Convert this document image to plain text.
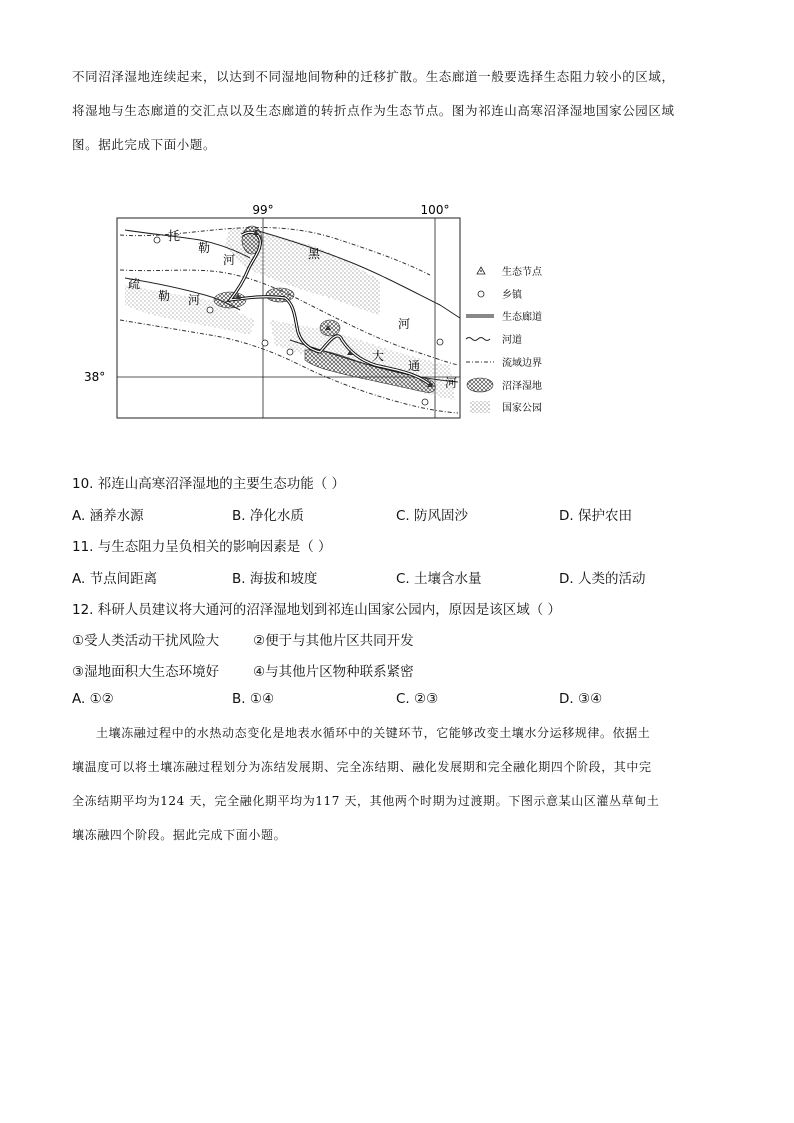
不同沼泽湿地连续起来，以达到不同湿地间物种的迁移扩散。生态廊道一般要选择生态阻力较小的区域，
将湿地与生态廊道的交汇点以及生态廊道的转折点作为生态节点。图为祁连山高寒沼泽湿地国家公园区域
图。据此完成下面小题。
99°	100°
38°
托
勒
河
疏
勒 河
黑
河
大
通
河
生态节点
乡镇
生态廊道
河道
流域边界
沼泽湿地
国家公园
10. 祁连山高寒沼泽湿地的主要生态功能（ ）
A. 涵养水源	B. 净化水质	C. 防风固沙	D. 保护农田
11. 与生态阻力呈负相关的影响因素是（ ）
A. 节点间距离	B. 海拔和坡度	C. 土壤含水量	D. 人类的活动
12. 科研人员建议将大通河的沼泽湿地划到祁连山国家公园内，原因是该区域（ ）
①受人类活动干扰风险大	②便于与其他片区共同开发
③湿地面积大生态环境好	④与其他片区物种联系紧密
A. ①②	B. ①④	C. ②③	D. ③④
土壤冻融过程中的水热动态变化是地表水循环中的关键环节，它能够改变土壤水分运移规律。依据土
壤温度可以将土壤冻融过程划分为冻结发展期、完全冻结期、融化发展期和完全融化期四个阶段，其中完
全冻结期平均为124 天，完全融化期平均为117 天，其他两个时期为过渡期。下图示意某山区灌丛草甸土
壤冻融四个阶段。据此完成下面小题。
